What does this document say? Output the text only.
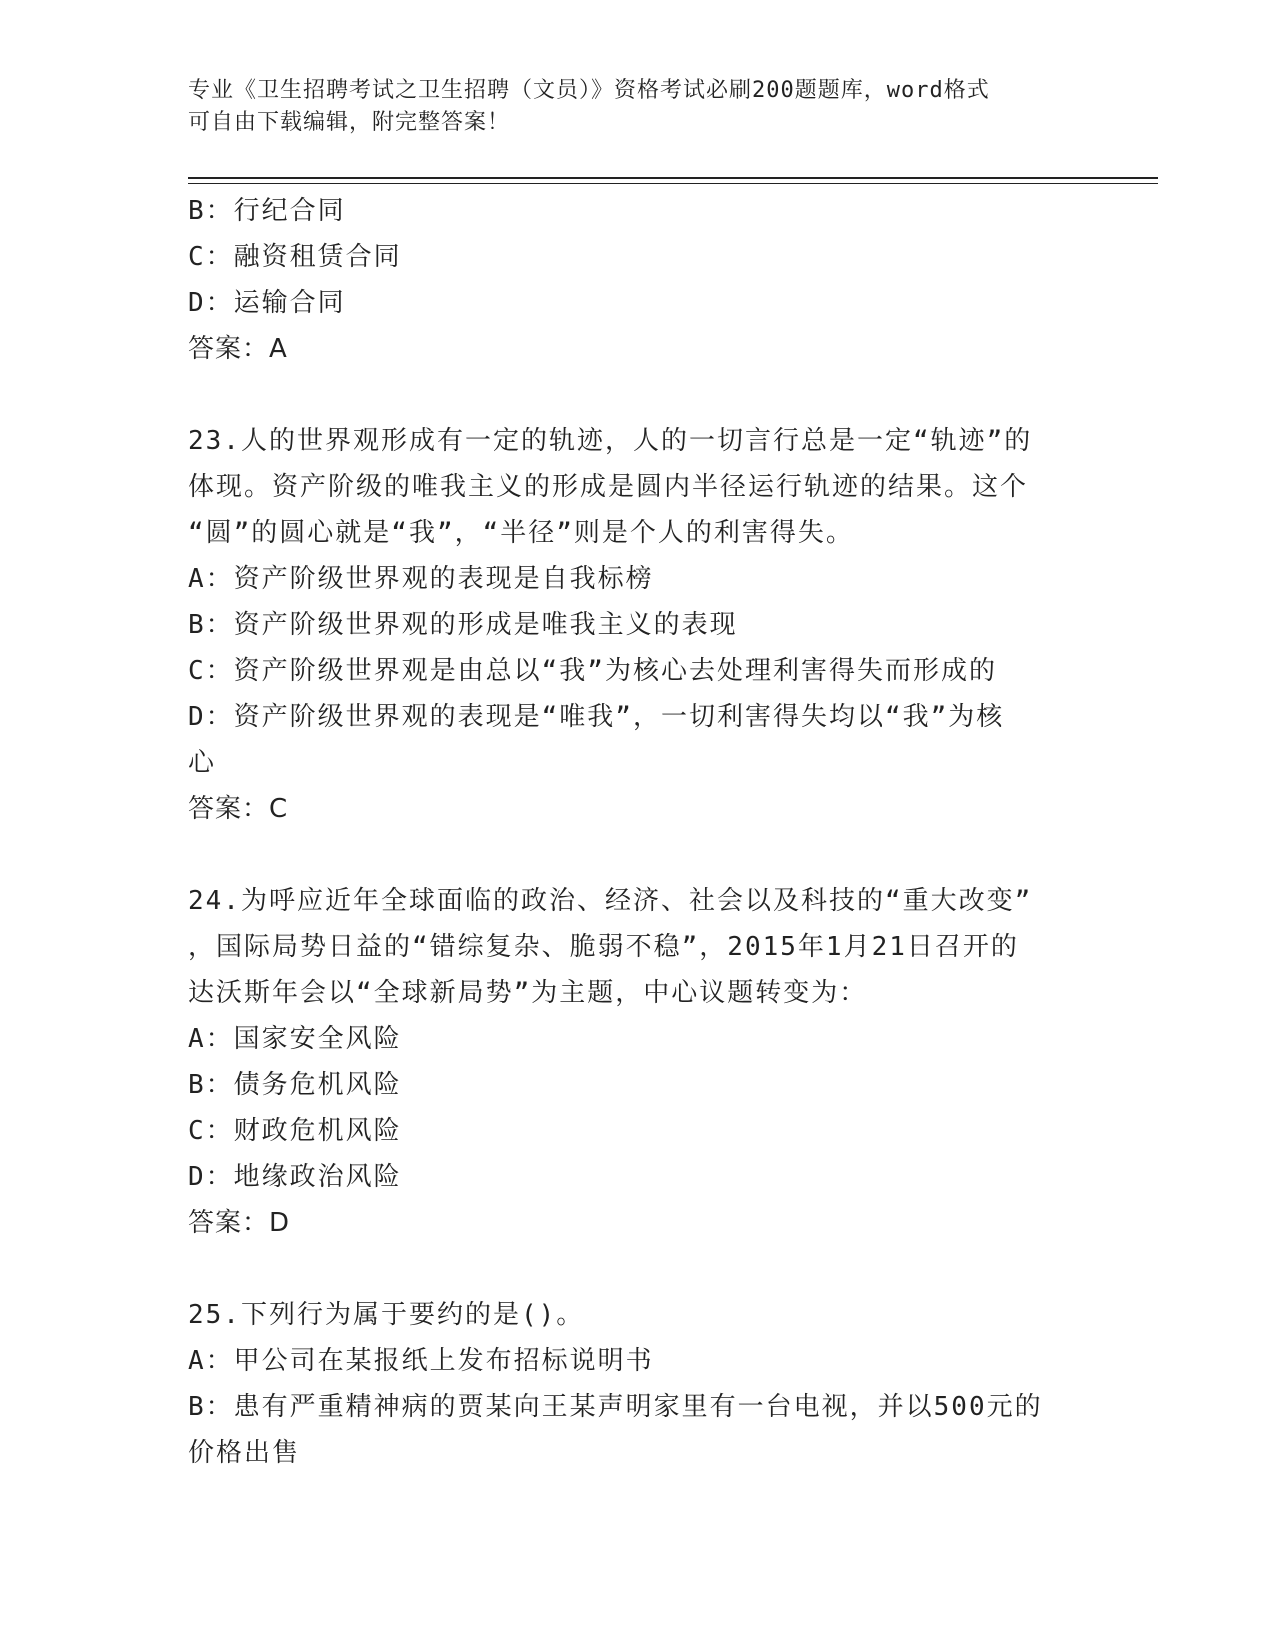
专业《卫生招聘考试之卫生招聘（文员）》资格考试必刷200题题库，word格式
可自由下载编辑，附完整答案！
B：行纪合同
C：融资租赁合同
D：运输合同
答案：A
23.人的世界观形成有一定的轨迹，人的一切言行总是一定“轨迹”的
体现。资产阶级的唯我主义的形成是圆内半径运行轨迹的结果。这个
“圆”的圆心就是“我”，“半径”则是个人的利害得失。
A：资产阶级世界观的表现是自我标榜
B：资产阶级世界观的形成是唯我主义的表现
C：资产阶级世界观是由总以“我”为核心去处理利害得失而形成的
D：资产阶级世界观的表现是“唯我”，一切利害得失均以“我”为核
心
答案：C
24.为呼应近年全球面临的政治、经济、社会以及科技的“重大改变”
，国际局势日益的“错综复杂、脆弱不稳”，2015年1月21日召开的
达沃斯年会以“全球新局势”为主题，中心议题转变为：
A：国家安全风险
B：债务危机风险
C：财政危机风险
D：地缘政治风险
答案：D
25.下列行为属于要约的是()。
A：甲公司在某报纸上发布招标说明书
B：患有严重精神病的贾某向王某声明家里有一台电视，并以500元的
价格出售
